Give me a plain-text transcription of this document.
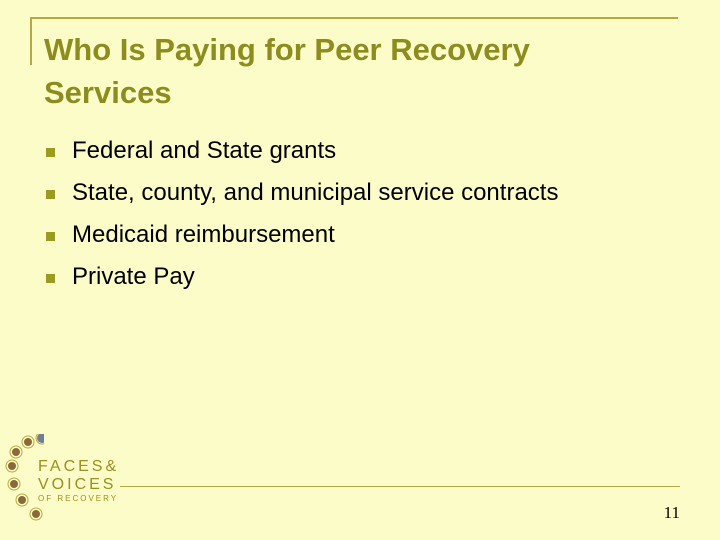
Who Is Paying for Peer Recovery Services
Federal and State grants
State, county, and municipal service contracts
Medicaid reimbursement
Private Pay
FACES&
VOICES
OF RECOVERY
11
